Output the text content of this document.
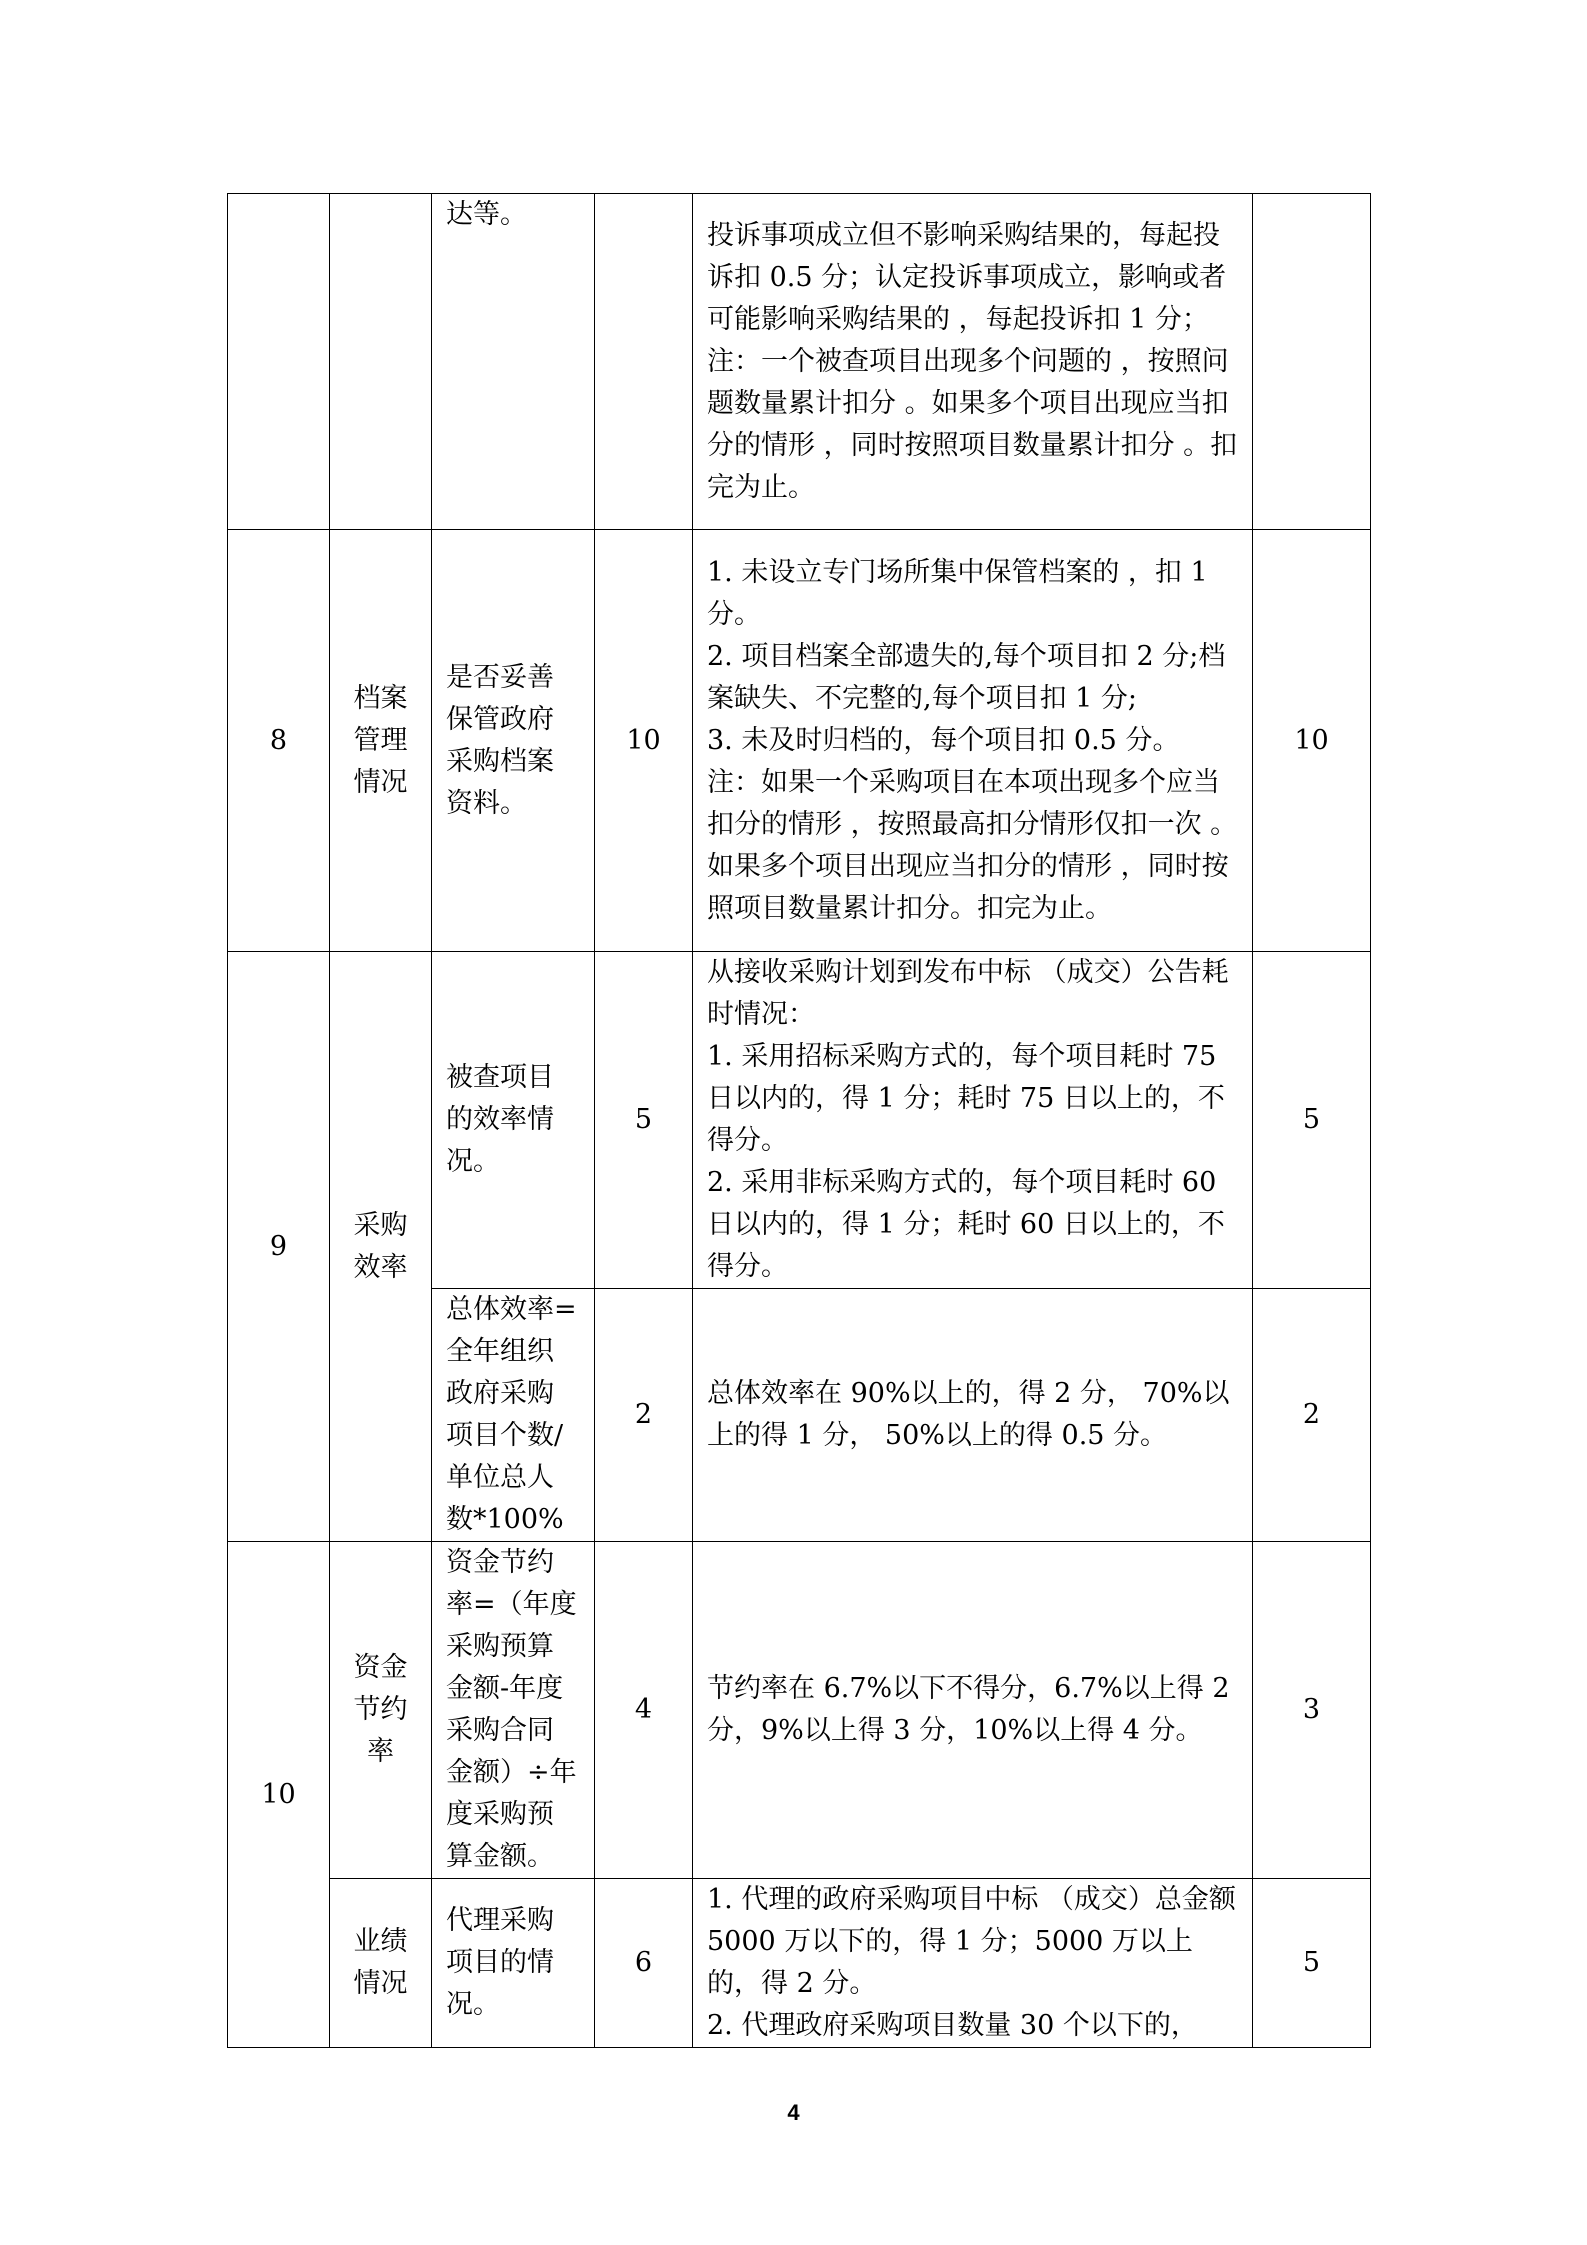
		达等。		投诉事项成立但不影响采购结果的，每起投诉扣 0.5 分；认定投诉事项成立，影响或者可能影响采购结果的 ，每起投诉扣 1 分；
注：一个被查项目出现多个问题的 ，按照问题数量累计扣分 。如果多个项目出现应当扣分的情形 ，同时按照项目数量累计扣分 。扣完为止。	

8	档案管理情况	是否妥善保管政府采购档案资料。	10	1. 未设立专门场所集中保管档案的 ，扣 1 分。
2. 项目档案全部遗失的,每个项目扣 2 分;档案缺失、不完整的,每个项目扣 1 分;
3. 未及时归档的，每个项目扣 0.5 分。
注：如果一个采购项目在本项出现多个应当扣分的情形 ，按照最高扣分情形仅扣一次 。如果多个项目出现应当扣分的情形 ，同时按照项目数量累计扣分。扣完为止。	10
9	采购效率	被查项目的效率情况。	5	从接收采购计划到发布中标 （成交）公告耗时情况：
1. 采用招标采购方式的，每个项目耗时 75 日以内的，得 1 分；耗时 75 日以上的，不得分。
2. 采用非标采购方式的，每个项目耗时 60 日以内的，得 1 分；耗时 60 日以上的，不得分。	5
		总体效率=全年组织政府采购项目个数/单位总人数*100%	2	总体效率在 90%以上的，得 2 分， 70%以上的得 1 分， 50%以上的得 0.5 分。	2
10	资金节约率	资金节约率=（年度采购预算金额-年度采购合同金额）÷年度采购预算金额。	4	节约率在 6.7%以下不得分，6.7%以上得 2 分，9%以上得 3 分，10%以上得 4 分。	3
	业绩情况	代理采购项目的情况。	6	1. 代理的政府采购项目中标 （成交）总金额 5000 万以下的，得 1 分；5000 万以上的，得 2 分。
2. 代理政府采购项目数量 30 个以下的，	5
4
